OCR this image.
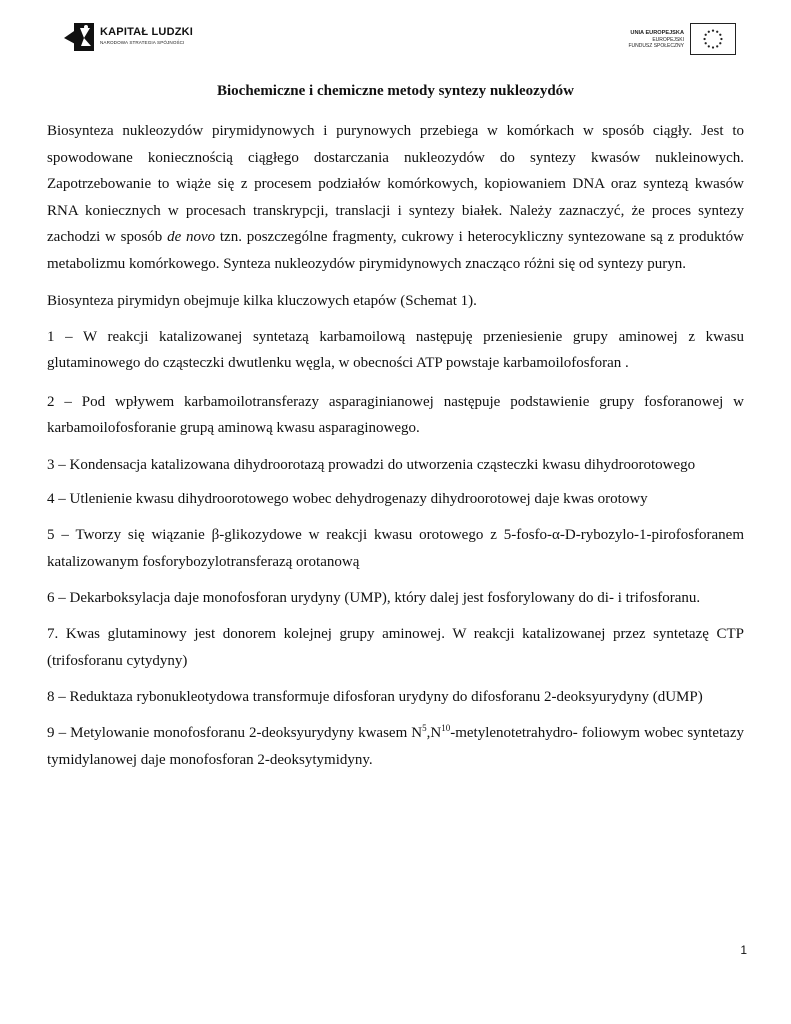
KAPITAŁ LUDZKI
NARODOWA STRATEGIA SPÓJNOŚCI
UNIA EUROPEJSKA
EUROPEJSKI
FUNDUSZ SPOŁECZNY
Biochemiczne i chemiczne metody syntezy nukleozydów

Biosynteza nukleozydów pirymidynowych i purynowych przebiega w komórkach w sposób ciągły. Jest to spowodowane koniecznością ciągłego dostarczania nukleozydów do syntezy kwasów nukleinowych. Zapotrzebowanie to wiąże się z procesem podziałów komórkowych, kopiowaniem DNA oraz syntezą kwasów RNA koniecznych w procesach transkrypcji, translacji i syntezy białek. Należy zaznaczyć, że proces syntezy zachodzi w sposób de novo tzn. poszczególne fragmenty, cukrowy i heterocykliczny syntezowane są z produktów metabolizmu komórkowego. Synteza nukleozydów pirymidynowych znacząco różni się od syntezy puryn.

Biosynteza pirymidyn obejmuje kilka kluczowych etapów (Schemat 1).

1 – W reakcji katalizowanej syntetazą karbamoilową następuję przeniesienie grupy aminowej z kwasu glutaminowego do cząsteczki dwutlenku węgla, w obecności ATP powstaje karbamoilofosforan .

2 – Pod wpływem karbamoilotransferazy asparaginianowej następuje podstawienie grupy fosforanowej w karbamoilofosforanie grupą aminową kwasu asparaginowego.

3 – Kondensacja katalizowana dihydroorotazą prowadzi do utworzenia cząsteczki kwasu dihydroorotowego

4 – Utlenienie kwasu dihydroorotowego wobec dehydrogenazy dihydroorotowej daje kwas orotowy

5 – Tworzy się wiązanie β-glikozydowe w reakcji kwasu orotowego z 5-fosfo-α-D-rybozylo-1-pirofosforanem katalizowanym fosforybozylotransferazą orotanową

6 – Dekarboksylacja daje monofosforan urydyny (UMP), który dalej jest fosforylowany do di- i trifosforanu.

7. Kwas glutaminowy jest donorem kolejnej grupy aminowej. W reakcji katalizowanej przez syntetazę CTP (trifosforanu cytydyny)

8 – Reduktaza rybonukleotydowa transformuje difosforan urydyny do difosforanu 2-deoksyurydyny (dUMP)

9 – Metylowanie monofosforanu 2-deoksyurydyny kwasem $N^5,N^{10}-metylenotetrahydro-$ foliowym wobec syntetazy tymidylanowej daje monofosforan 2-deoksytymidyny.

1
